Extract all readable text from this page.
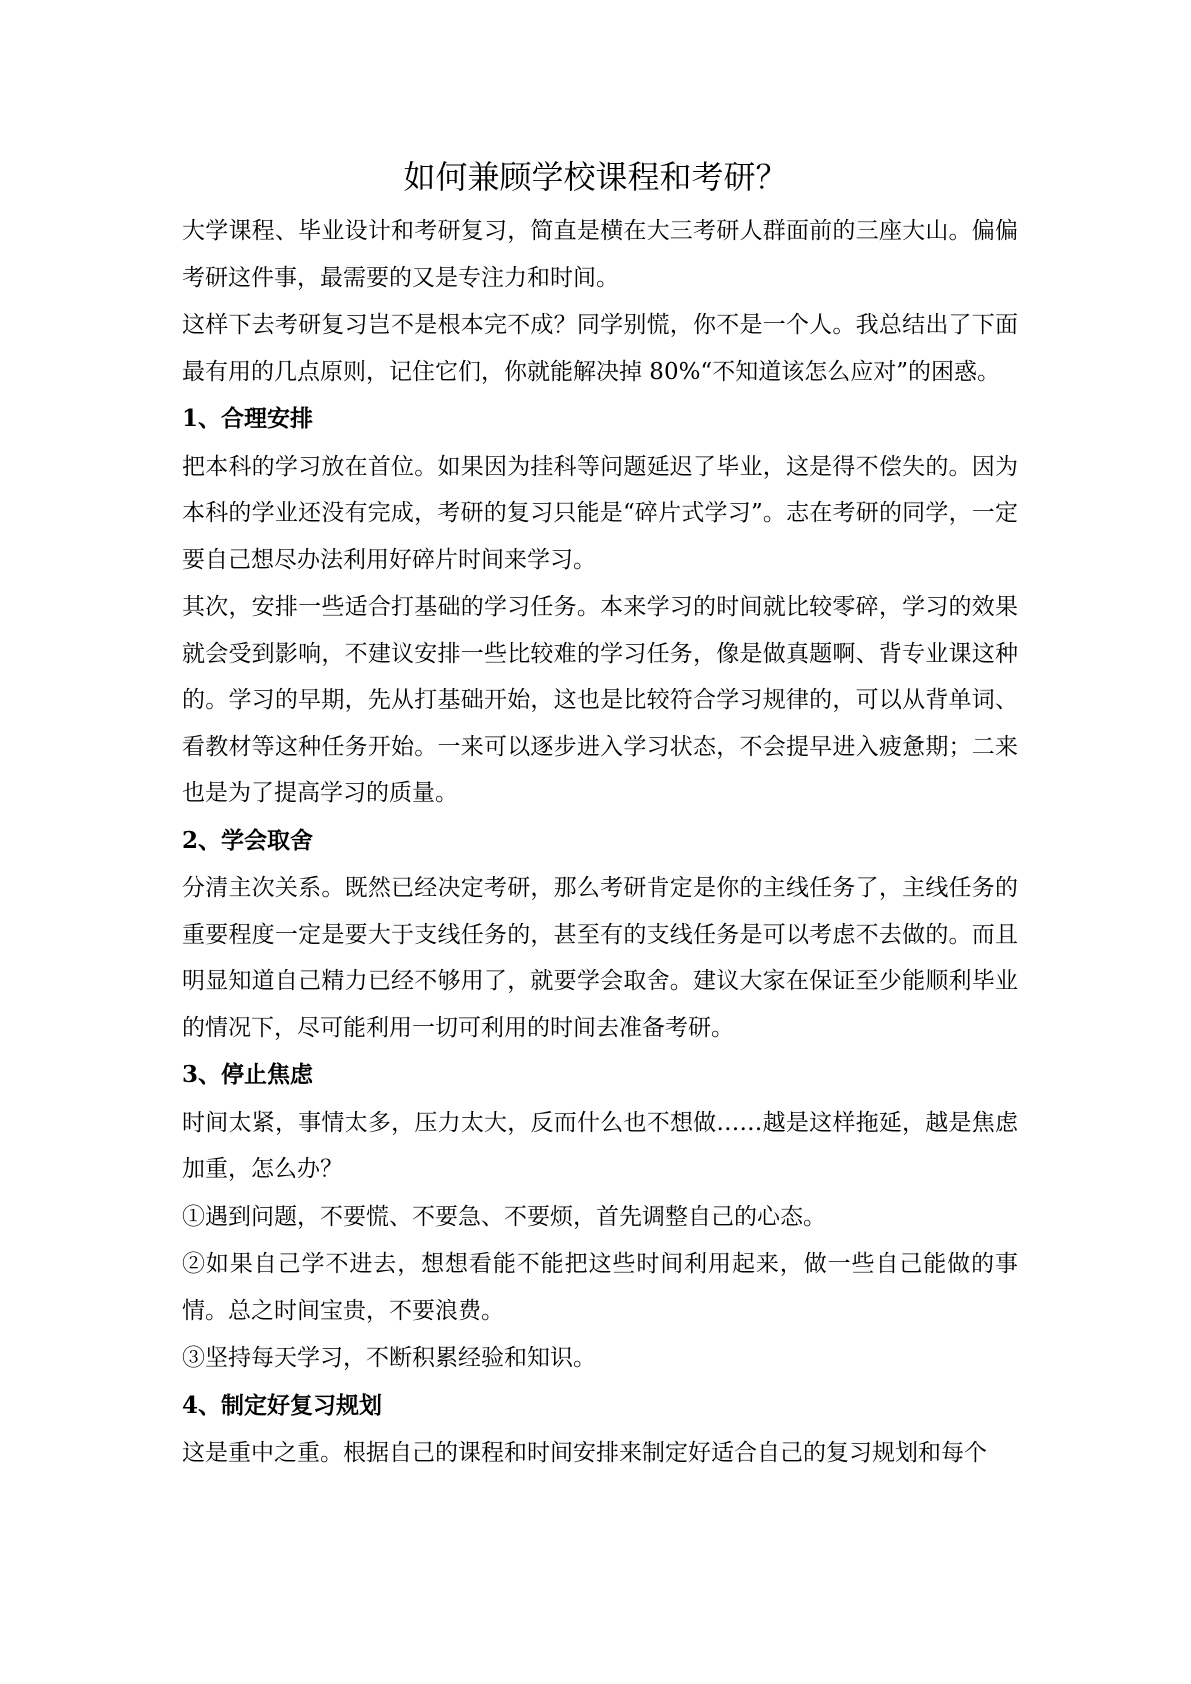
如何兼顾学校课程和考研？

大学课程、毕业设计和考研复习，简直是横在大三考研人群面前的三座大山。偏偏考研这件事，最需要的又是专注力和时间。

这样下去考研复习岂不是根本完不成？同学别慌，你不是一个人。我总结出了下面最有用的几点原则，记住它们，你就能解决掉 80%“不知道该怎么应对”的困惑。

1、合理安排

把本科的学习放在首位。如果因为挂科等问题延迟了毕业，这是得不偿失的。因为本科的学业还没有完成，考研的复习只能是“碎片式学习”。志在考研的同学，一定要自己想尽办法利用好碎片时间来学习。

其次，安排一些适合打基础的学习任务。本来学习的时间就比较零碎，学习的效果就会受到影响，不建议安排一些比较难的学习任务，像是做真题啊、背专业课这种的。学习的早期，先从打基础开始，这也是比较符合学习规律的，可以从背单词、看教材等这种任务开始。一来可以逐步进入学习状态，不会提早进入疲惫期；二来也是为了提高学习的质量。

2、学会取舍

分清主次关系。既然已经决定考研，那么考研肯定是你的主线任务了，主线任务的重要程度一定是要大于支线任务的，甚至有的支线任务是可以考虑不去做的。而且明显知道自己精力已经不够用了，就要学会取舍。建议大家在保证至少能顺利毕业的情况下，尽可能利用一切可利用的时间去准备考研。

3、停止焦虑

时间太紧，事情太多，压力太大，反而什么也不想做……越是这样拖延，越是焦虑加重，怎么办？

①遇到问题，不要慌、不要急、不要烦，首先调整自己的心态。

②如果自己学不进去，想想看能不能把这些时间利用起来，做一些自己能做的事情。总之时间宝贵，不要浪费。

③坚持每天学习，不断积累经验和知识。

4、制定好复习规划

这是重中之重。根据自己的课程和时间安排来制定好适合自己的复习规划和每个
